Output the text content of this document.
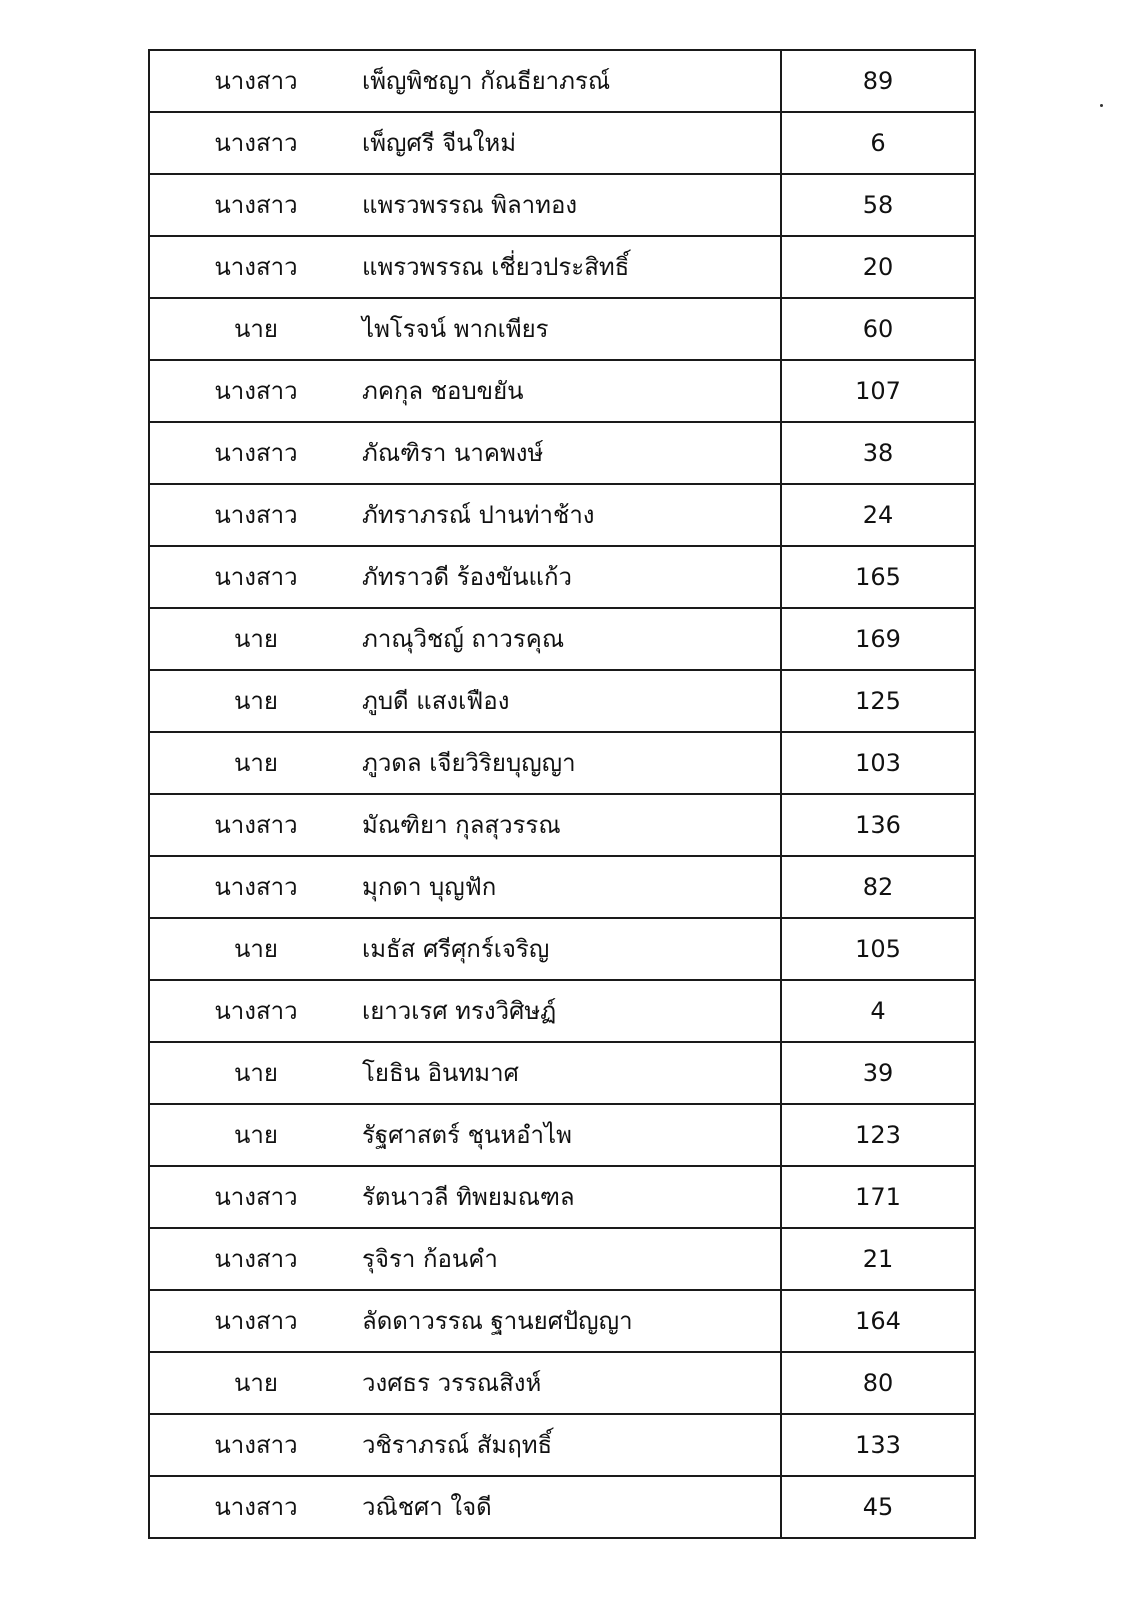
นางสาว	เพ็ญพิชญา กัณธียาภรณ์	89
นางสาว	เพ็ญศรี จีนใหม่	6
นางสาว	แพรวพรรณ พิลาทอง	58
นางสาว	แพรวพรรณ เชี่ยวประสิทธิ์	20
นาย	ไพโรจน์ พากเพียร	60
นางสาว	ภคกุล ชอบขยัน	107
นางสาว	ภัณฑิรา นาคพงษ์	38
นางสาว	ภัทราภรณ์ ปานท่าช้าง	24
นางสาว	ภัทราวดี ร้องขันแก้ว	165
นาย	ภาณุวิชญ์ ถาวรคุณ	169
นาย	ภูบดี แสงเฟือง	125
นาย	ภูวดล เจียวิริยบุญญา	103
นางสาว	มัณฑิยา กุลสุวรรณ	136
นางสาว	มุกดา บุญฟัก	82
นาย	เมธัส ศรีศุกร์เจริญ	105
นางสาว	เยาวเรศ ทรงวิศิษฏ์	4
นาย	โยธิน อินทมาศ	39
นาย	รัฐศาสตร์ ชุนหอำไพ	123
นางสาว	รัตนาวลี ทิพยมณฑล	171
นางสาว	รุจิรา ก้อนคำ	21
นางสาว	ลัดดาวรรณ ฐานยศปัญญา	164
นาย	วงศธร วรรณสิงห์	80
นางสาว	วชิราภรณ์ สัมฤทธิ์	133
นางสาว	วณิชศา ใจดี	45
